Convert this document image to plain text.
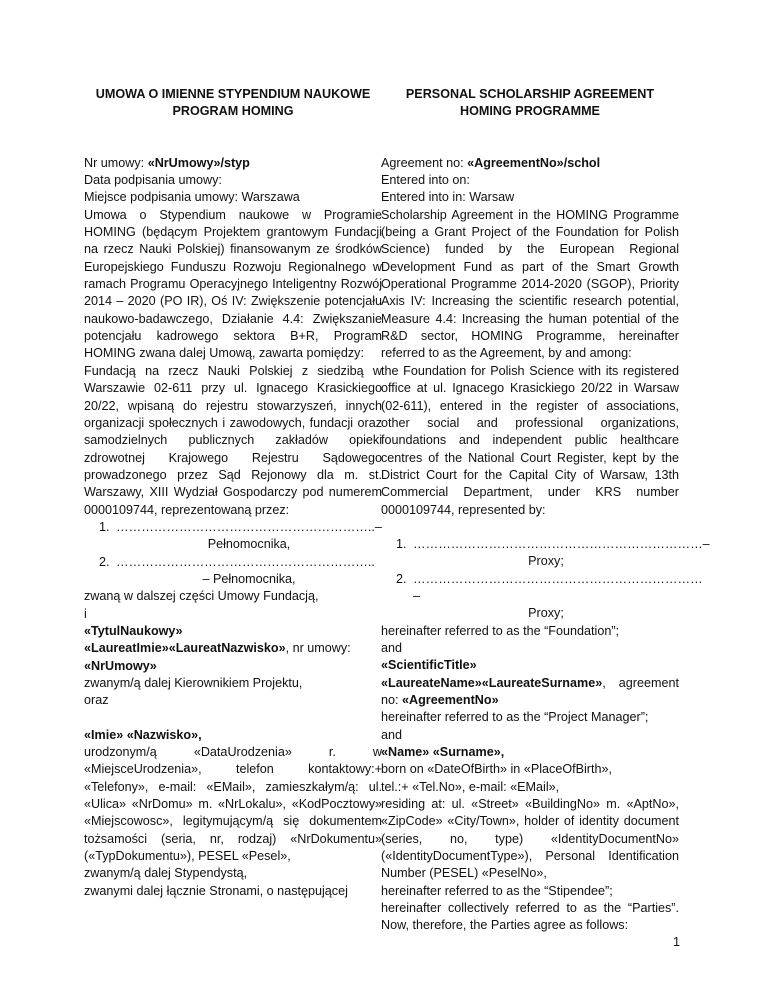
UMOWA O IMIENNE STYPENDIUM NAUKOWE
PROGRAM HOMING

Nr umowy: «NrUmowy»/styp

Data podpisania umowy:

Miejsce podpisania umowy: Warszawa

Umowa o Stypendium naukowe w Programie HOMING (będącym Projektem grantowym Fundacji na rzecz Nauki Polskiej) finansowanym ze środków Europejskiego Funduszu Rozwoju Regionalnego w ramach Programu Operacyjnego Inteligentny Rozwój 2014 – 2020 (PO IR), Oś IV: Zwiększenie potencjału naukowo-badawczego, Działanie 4.4: Zwiększanie potencjału kadrowego sektora B+R, Program HOMING zwana dalej Umową, zawarta pomiędzy:

Fundacją na rzecz Nauki Polskiej z siedzibą w Warszawie 02-611 przy ul. Ignacego Krasickiego 20/22, wpisaną do rejestru stowarzyszeń, innych organizacji społecznych i zawodowych, fundacji oraz samodzielnych publicznych zakładów opieki zdrowotnej Krajowego Rejestru Sądowego prowadzonego przez Sąd Rejonowy dla m. st. Warszawy, XIII Wydział Gospodarczy pod numerem 0000109744, reprezentowaną przez:

1. ……………………………………………………..–
Pełnomocnika,
2. ……………………………………………………..
– Pełnomocnika,

zwaną w dalszej części Umowy Fundacją,

i

«TytulNaukowy»

«LaureatImie»«LaureatNazwisko», nr umowy:

«NrUmowy»

zwanym/ą dalej Kierownikiem Projektu,

oraz

«Imie» «Nazwisko»,

urodzonym/ą «DataUrodzenia» r. w «MiejsceUrodzenia», telefon kontaktowy:+ «Telefony», e-mail: «EMail», zamieszkałym/ą: ul. «Ulica» «NrDomu» m. «NrLokalu», «KodPocztowy» «Miejscowosc», legitymującym/ą się dokumentem tożsamości (seria, nr, rodzaj) «NrDokumentu» («TypDokumentu»), PESEL «Pesel»,

zwanym/ą dalej Stypendystą,

zwanymi dalej łącznie Stronami, o następującej

PERSONAL SCHOLARSHIP AGREEMENT
HOMING PROGRAMME

Agreement no: «AgreementNo»/schol

Entered into on:

Entered into in: Warsaw

Scholarship Agreement in the HOMING Programme (being a Grant Project of the Foundation for Polish Science) funded by the European Regional Development Fund as part of the Smart Growth Operational Programme 2014-2020 (SGOP), Priority Axis IV: Increasing the scientific research potential, Measure 4.4: Increasing the human potential of the R&D sector, HOMING Programme, hereinafter referred to as the Agreement, by and among:

the Foundation for Polish Science with its registered office at ul. Ignacego Krasickiego 20/22 in Warsaw (02-611), entered in the register of associations, other social and professional organizations, foundations and independent public healthcare centres of the National Court Register, kept by the District Court for the Capital City of Warsaw, 13th Commercial Department, under KRS number 0000109744, represented by:

1. ……………………………………………………………–
Proxy;
2. …………………………………………………………… –
Proxy;

hereinafter referred to as the “Foundation”;

and

«ScientificTitle»

«LaureateName»«LaureateSurname», agreement no: «AgreementNo»

hereinafter referred to as the “Project Manager”;

and

«Name» «Surname»,

born on «DateOfBirth» in «PlaceOfBirth»,

tel.:+ «Tel.No», e-mail: «EMail»,

residing at: ul. «Street» «BuildingNo» m. «AptNo», «ZipCode» «City/Town», holder of identity document (series, no, type) «IdentityDocumentNo» («IdentityDocumentType»), Personal Identification Number (PESEL) «PeselNo»,

hereinafter referred to as the “Stipendee”;

hereinafter collectively referred to as the “Parties”. Now, therefore, the Parties agree as follows:

1
